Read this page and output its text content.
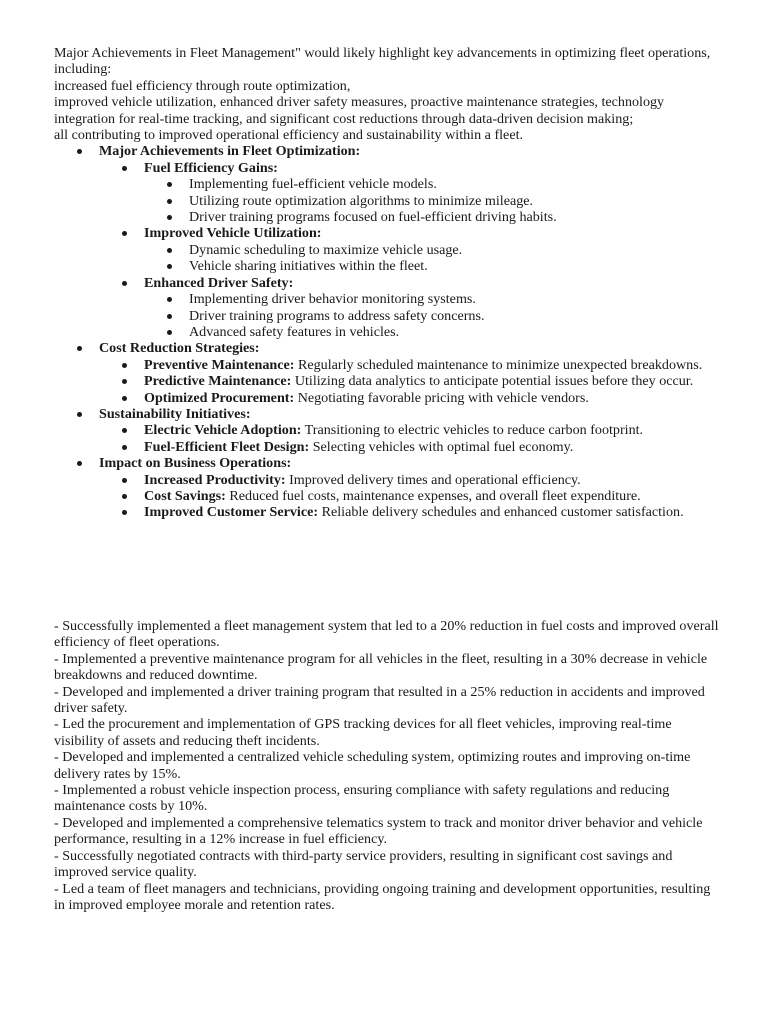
Major Achievements in Fleet Management" would likely highlight key advancements in optimizing fleet operations, including:

increased fuel efficiency through route optimization,

improved vehicle utilization, enhanced driver safety measures, proactive maintenance strategies, technology integration for real-time tracking, and significant cost reductions through data-driven decision making;

all contributing to improved operational efficiency and sustainability within a fleet.

Major Achievements in Fleet Optimization:
Fuel Efficiency Gains:
Implementing fuel-efficient vehicle models.
Utilizing route optimization algorithms to minimize mileage.
Driver training programs focused on fuel-efficient driving habits.
Improved Vehicle Utilization:
Dynamic scheduling to maximize vehicle usage.
Vehicle sharing initiatives within the fleet.
Enhanced Driver Safety:
Implementing driver behavior monitoring systems.
Driver training programs to address safety concerns.
Advanced safety features in vehicles.
Cost Reduction Strategies:
Preventive Maintenance: Regularly scheduled maintenance to minimize unexpected breakdowns.
Predictive Maintenance: Utilizing data analytics to anticipate potential issues before they occur.
Optimized Procurement: Negotiating favorable pricing with vehicle vendors.
Sustainability Initiatives:
Electric Vehicle Adoption: Transitioning to electric vehicles to reduce carbon footprint.
Fuel-Efficient Fleet Design: Selecting vehicles with optimal fuel economy.
Impact on Business Operations:
Increased Productivity: Improved delivery times and operational efficiency.
Cost Savings: Reduced fuel costs, maintenance expenses, and overall fleet expenditure.
Improved Customer Service: Reliable delivery schedules and enhanced customer satisfaction.

- Successfully implemented a fleet management system that led to a 20% reduction in fuel costs and improved overall efficiency of fleet operations.

- Implemented a preventive maintenance program for all vehicles in the fleet, resulting in a 30% decrease in vehicle breakdowns and reduced downtime.

- Developed and implemented a driver training program that resulted in a 25% reduction in accidents and improved driver safety.

- Led the procurement and implementation of GPS tracking devices for all fleet vehicles, improving real-time visibility of assets and reducing theft incidents.

- Developed and implemented a centralized vehicle scheduling system, optimizing routes and improving on-time delivery rates by 15%.

- Implemented a robust vehicle inspection process, ensuring compliance with safety regulations and reducing maintenance costs by 10%.

- Developed and implemented a comprehensive telematics system to track and monitor driver behavior and vehicle performance, resulting in a 12% increase in fuel efficiency.

- Successfully negotiated contracts with third-party service providers, resulting in significant cost savings and improved service quality.

- Led a team of fleet managers and technicians, providing ongoing training and development opportunities, resulting in improved employee morale and retention rates.
